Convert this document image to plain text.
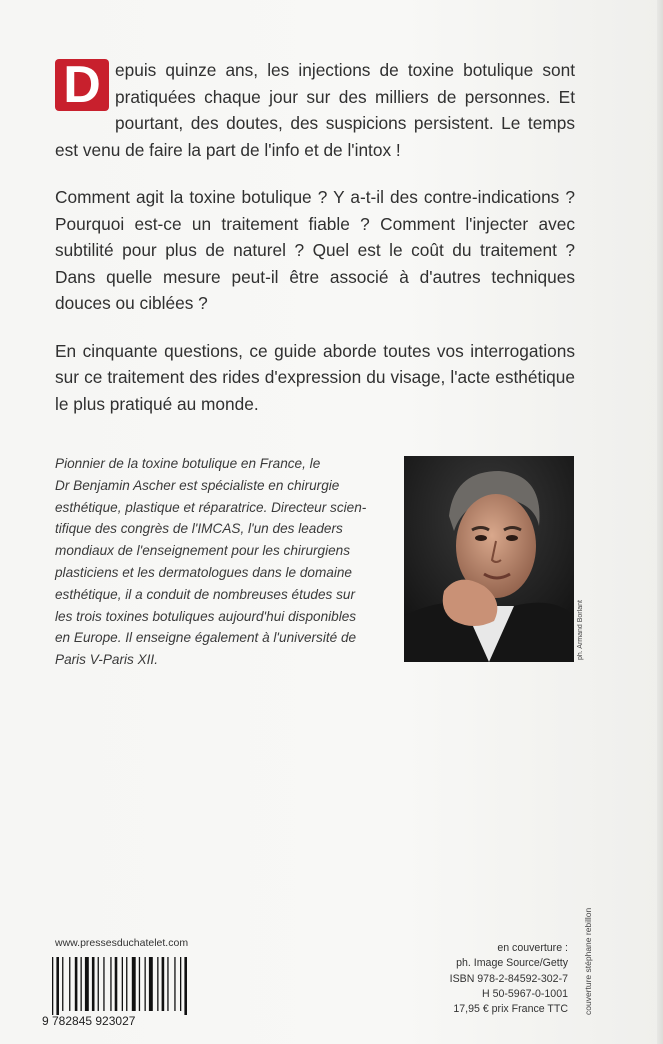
D epuis quinze ans, les injections de toxine botulique sont pratiquées chaque jour sur des milliers de personnes. Et pourtant, des doutes, des suspicions persistent. Le temps est venu de faire la part de l'info et de l'intox !

Comment agit la toxine botulique ? Y a-t-il des contre-indications ? Pourquoi est-ce un traitement fiable ? Comment l'injecter avec subtilité pour plus de naturel ? Quel est le coût du traitement ? Dans quelle mesure peut-il être associé à d'autres techniques douces ou ciblées ?

En cinquante questions, ce guide aborde toutes vos interrogations sur ce traitement des rides d'expression du visage, l'acte esthétique le plus pratiqué au monde.

Pionnier de la toxine botulique en France, le
Dr Benjamin Ascher est spécialiste en chirurgie
esthétique, plastique et réparatrice. Directeur scien-
tifique des congrès de l'IMCAS, l'un des leaders
mondiaux de l'enseignement pour les chirurgiens
plasticiens et les dermatologues dans le domaine
esthétique, il a conduit de nombreuses études sur
les trois toxines botuliques aujourd'hui disponibles
en Europe. Il enseigne également à l'université de
Paris V-Paris XII.	ph. Armand Borlant
couverture stéphane rebillon
www.pressesduchatelet.com
9 782845 923027
en couverture :
ph. Image Source/Getty
ISBN 978-2-84592-302-7
H 50-5967-0-1001
17,95 € prix France TTC
